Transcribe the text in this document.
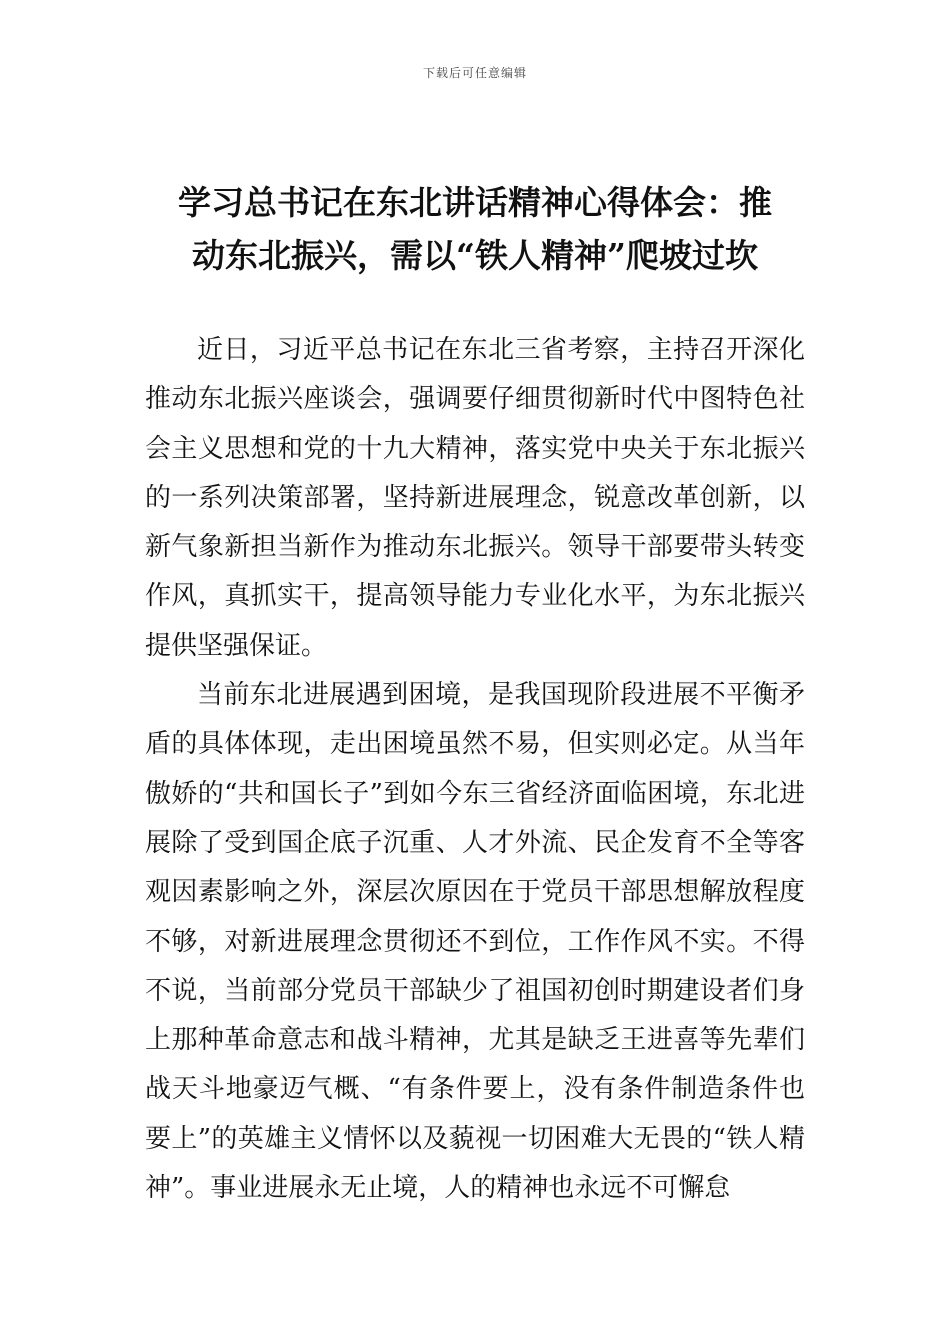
下载后可任意编辑
学习总书记在东北讲话精神心得体会：推
动东北振兴，需以“铁人精神”爬坡过坎

近日，习近平总书记在东北三省考察，主持召开深化推动东北振兴座谈会，强调要仔细贯彻新时代中图特色社会主义思想和党的十九大精神，落实党中央关于东北振兴的一系列决策部署，坚持新进展理念，锐意改革创新，以新气象新担当新作为推动东北振兴。领导干部要带头转变作风，真抓实干，提高领导能力专业化水平，为东北振兴提供坚强保证。

当前东北进展遇到困境，是我国现阶段进展不平衡矛盾的具体体现，走出困境虽然不易，但实则必定。从当年傲娇的“共和国长子”到如今东三省经济面临困境，东北进展除了受到国企底子沉重、人才外流、民企发育不全等客观因素影响之外，深层次原因在于党员干部思想解放程度不够，对新进展理念贯彻还不到位，工作作风不实。不得不说，当前部分党员干部缺少了祖国初创时期建设者们身上那种革命意志和战斗精神，尤其是缺乏王进喜等先辈们战天斗地豪迈气概、“有条件要上，没有条件制造条件也要上”的英雄主义情怀以及藐视一切困难大无畏的“铁人精神”。事业进展永无止境，人的精神也永远不可懈怠
